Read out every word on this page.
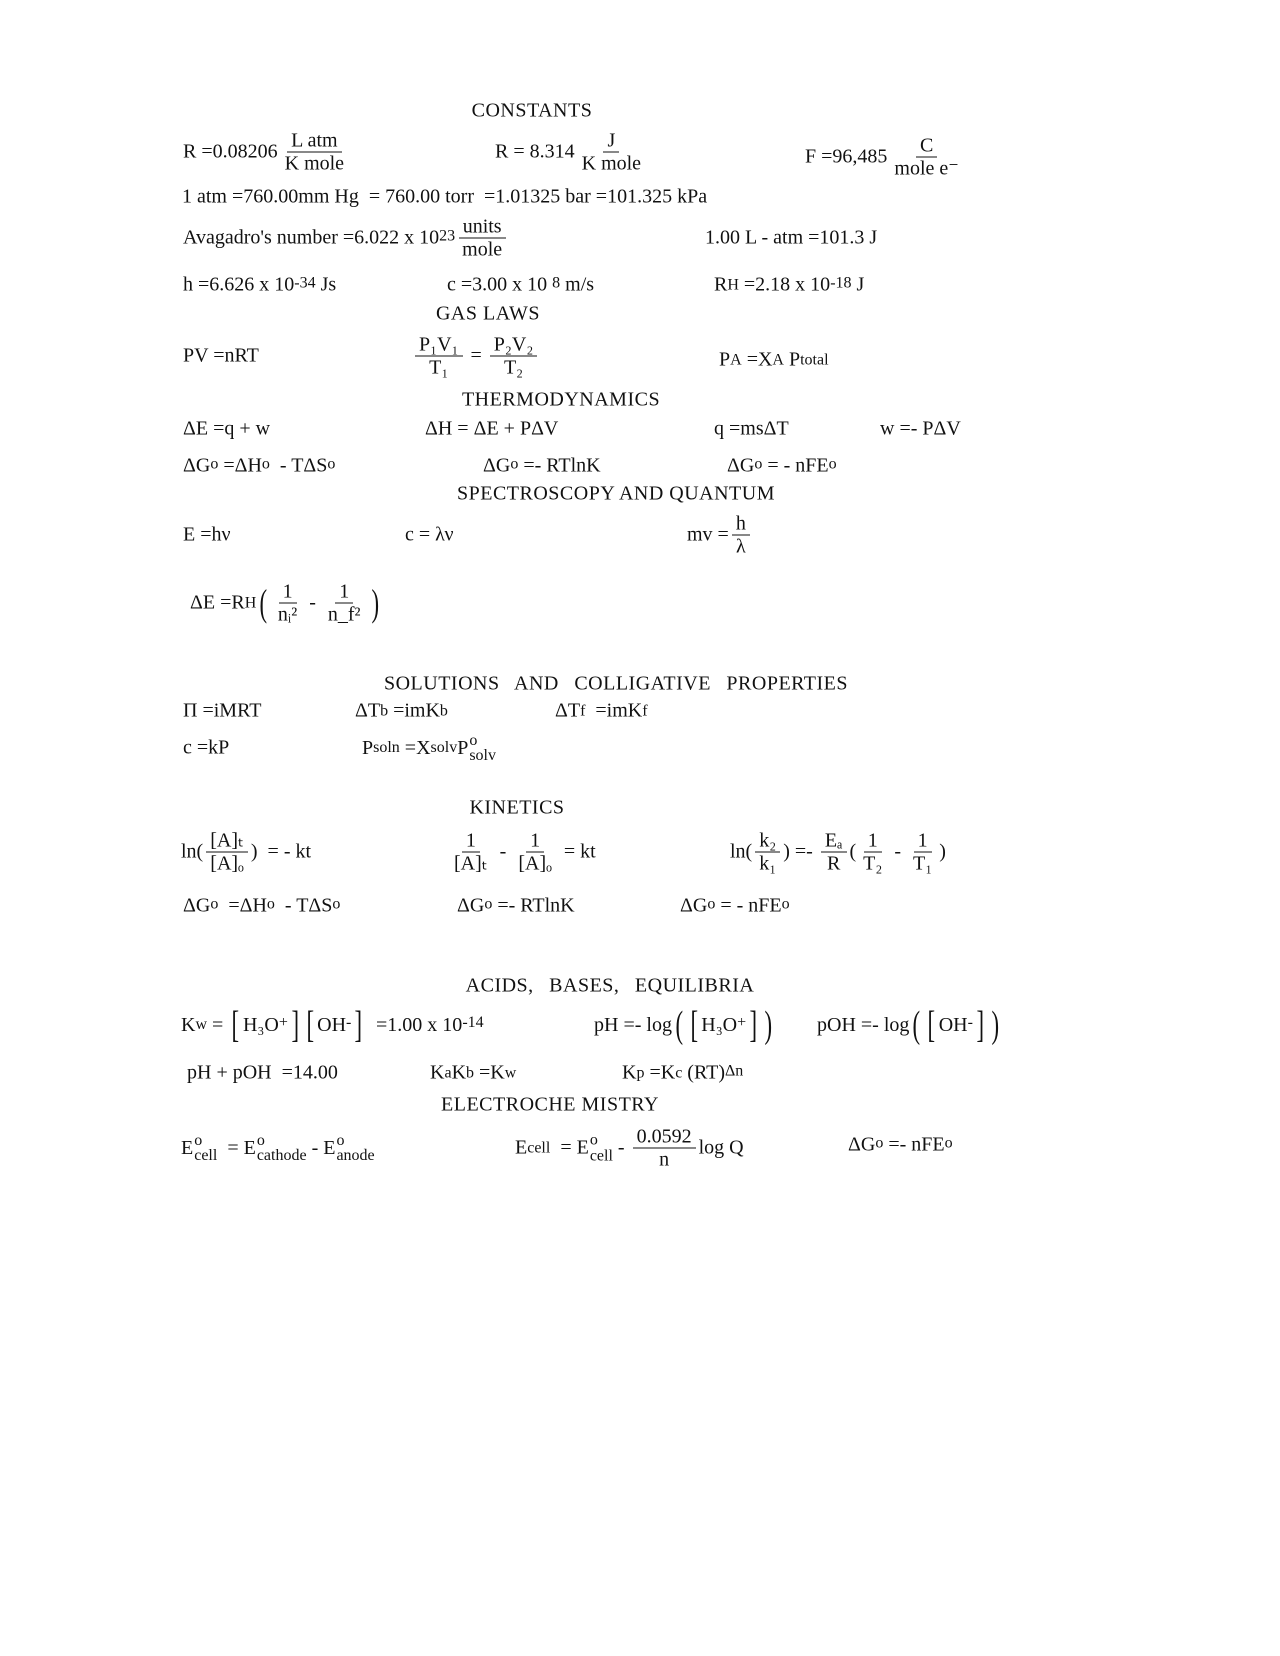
CONSTANTS
GAS LAWS
THERMODYNAMICS
SPECTROSCOPY AND QUANTUM
SOLUTIONS AND COLLIGATIVE PROPERTIES
KINETICS
ACIDS, BASES, EQUILIBRIA
ELECTROCHE MISTRY
$R =0.08206 \frac{\text{L atm}}{\text{K mole}}$	$R = 8.314 \frac{J}{\text{K mole}}$	$F =96,485 \frac{C}{\text{mole e⁻}}$
1 atm =760.00mm Hg  = 760.00 torr  =1.01325 bar =101.325 kPa
Avagadro's number =6.022 x $10^{23} \frac{\text{units}}{\text{mole}}$	1.00 L - atm =101.3 J
h =6.626 x $10^{-34}$ Js	c =3.00 x 10 $^8$ m/s	R H =2.18 x $10^{-18}$ J
PV =nRT	$\frac{\text{P₁V₁}}{\text{T₁}} = \frac{\text{P₂V₂}}{\text{T₂}}$	P A =X A P total
ΔE =q + w	ΔH = ΔE + PΔV	q =msΔT	w =- PΔV
$\Delta G^o =\Delta H^o - T\Delta S^o$	$\Delta G^o =- RTlnK$	$\Delta G^o$ = - nFE$^o$
E =hν	c = λν	mv = $\frac{h}{\lambda}$
ΔE =R H ( $\frac{1}{\text{nᵢ²}} - \frac{1}{\text{n\_f²}}$ )
Π =iMRT	ΔT b =imK b	ΔT f =imK f
c =kP	P soln =X solv P o
solv
$\ln( \frac{\text{[A]ₜ}}{\text{[A]ₒ}}$ )  = - kt	$\frac{1}{\text{[A]ₜ}} - \frac{1}{\text{[A]ₒ}}$ = kt	$\ln( \frac{\text{k₂}}{\text{k₁}}$ ) =- $\frac{\text{Eₐ}}{R}$ ( $\frac{1}{\text{T₂}} - \frac{1}{\text{T₁}}$ )
$\Delta G^o =\Delta H^o - T\Delta S^o$	$\Delta G^o =- RTlnK$	$\Delta G^o$ = - nFE$^o$
K w = [ H₃O+ ] [ OH- ] =1.00 x $10^{-14}$	pH =- log ( [ H₃O+ ] ) pOH =- log ( [ OH- ] )
pH + pOH  =14.00	K a K b =K w	K p =K c (RT)$^{\Delta n}$
E o
cell = E o
cathode - E o
anode	E cell = E o
cell - $\frac{0.0592}{n}$ log Q	$\Delta G^o =- nFE^o$
